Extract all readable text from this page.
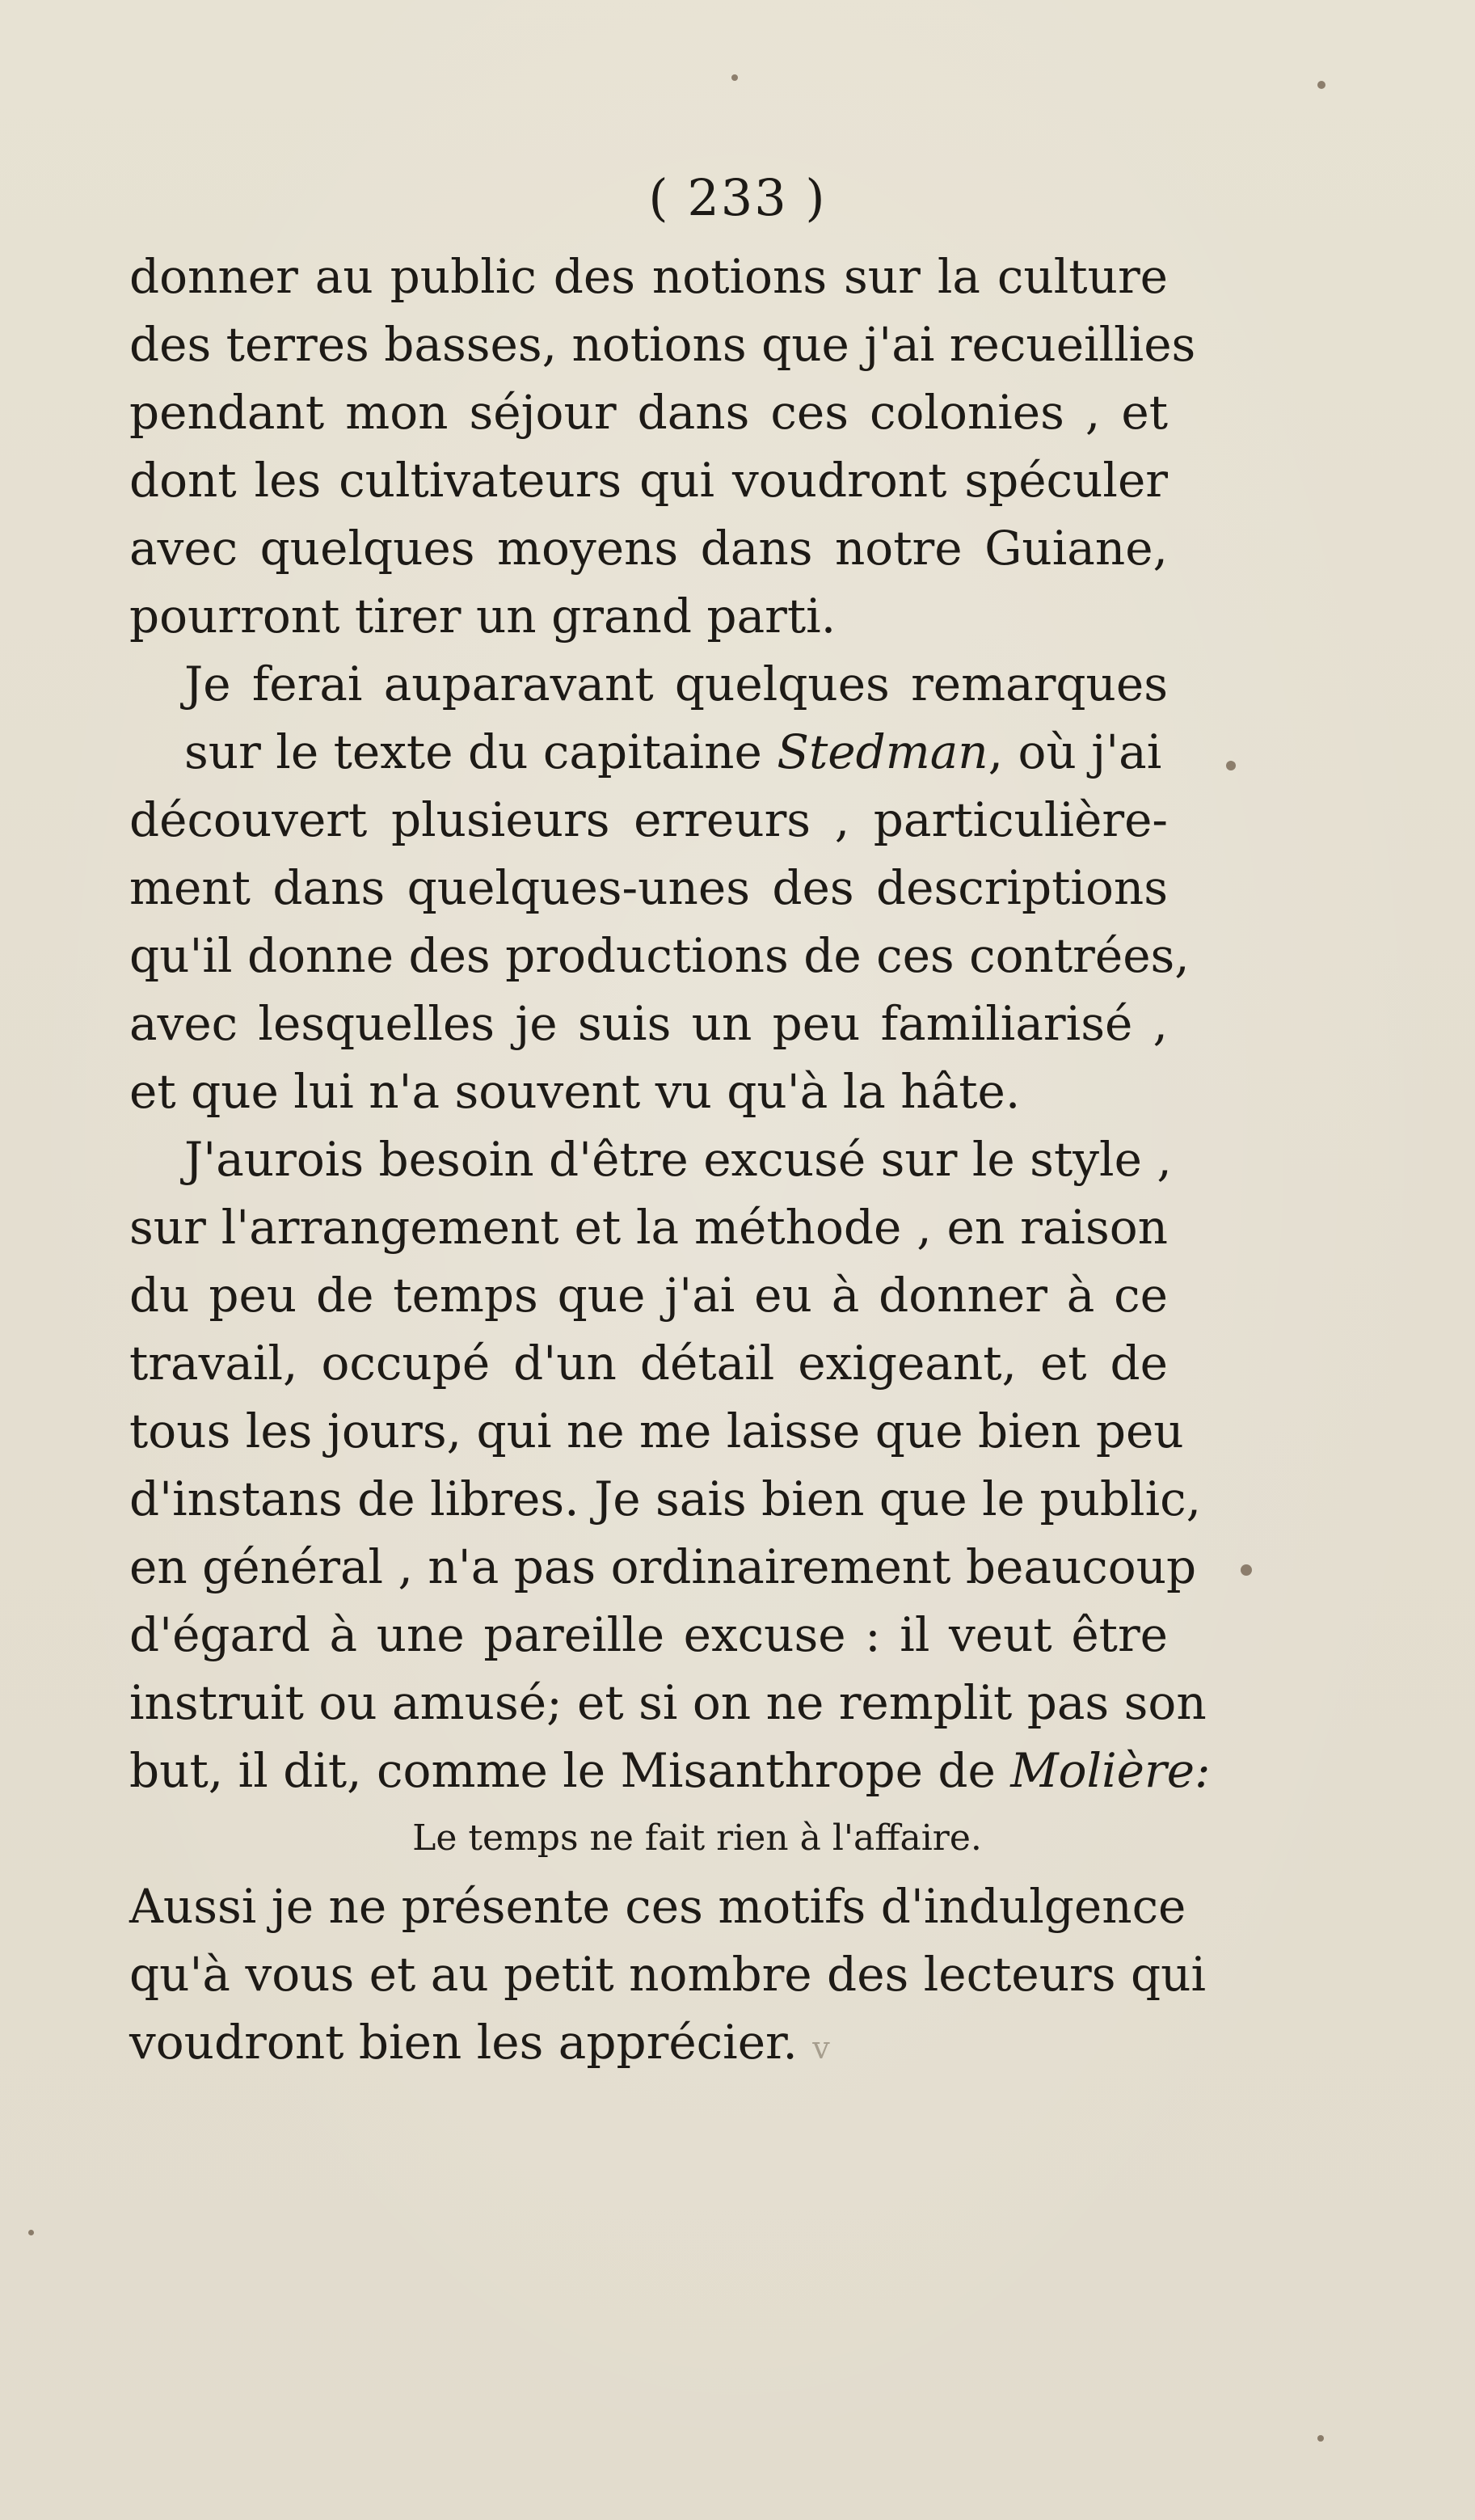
( 233 )
donner au public des notions sur la culture
des terres basses, notions que j'ai recueillies
pendant mon séjour dans ces colonies , et
dont les cultivateurs qui voudront spéculer
avec quelques moyens dans notre Guiane,
pourront tirer un grand parti.
Je ferai auparavant quelques remarques
sur le texte du capitaine Stedman, où j'ai
découvert plusieurs erreurs , particulière-
ment dans quelques-unes des descriptions
qu'il donne des productions de ces contrées,
avec lesquelles je suis un peu familiarisé ,
et que lui n'a souvent vu qu'à la hâte.
J'aurois besoin d'être excusé sur le style ,
sur l'arrangement et la méthode , en raison
du peu de temps que j'ai eu à donner à ce
travail, occupé d'un détail exigeant, et de
tous les jours, qui ne me laisse que bien peu
d'instans de libres. Je sais bien que le public,
en général , n'a pas ordinairement beaucoup
d'égard à une pareille excuse : il veut être
instruit ou amusé; et si on ne remplit pas son
but, il dit, comme le Misanthrope de Molière:
Le temps ne fait rien à l'affaire.
Aussi je ne présente ces motifs d'indulgence
qu'à vous et au petit nombre des lecteurs qui
voudront bien les apprécier. v
